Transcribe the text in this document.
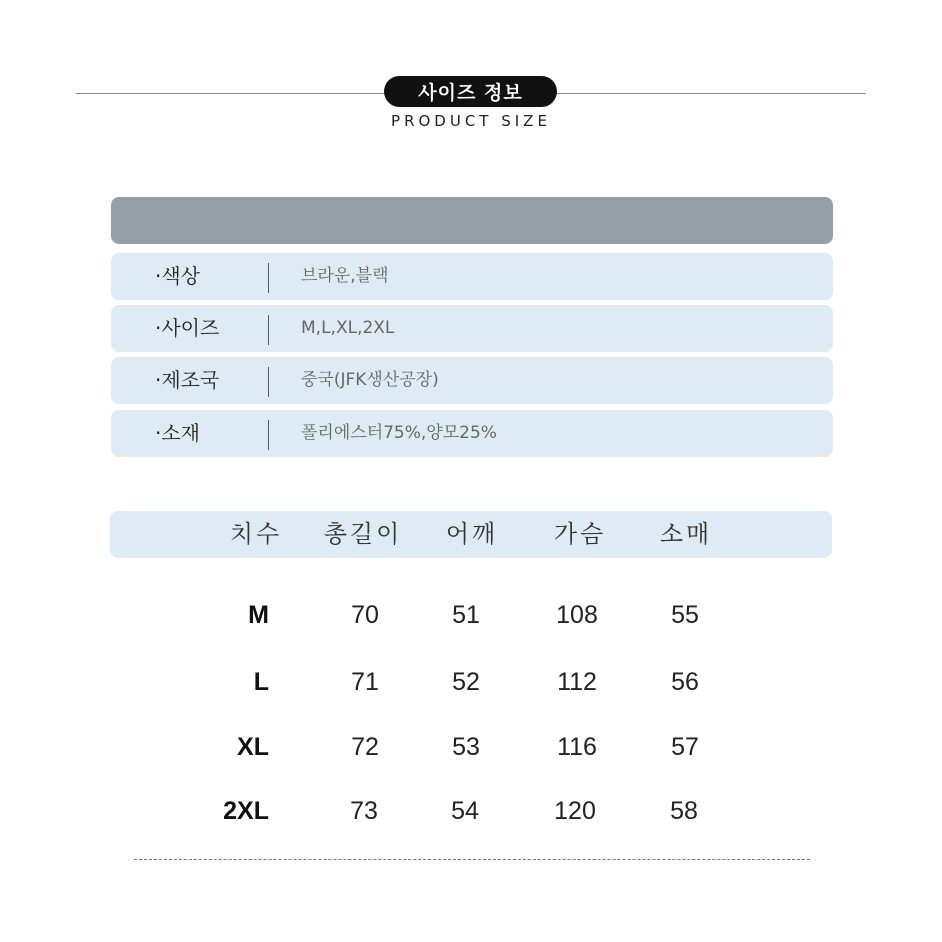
사이즈 정보
PRODUCT SIZE
·색상	브라운,블랙
·사이즈	M,L,XL,2XL
·제조국	중국(JFK생산공장)
·소재	폴리에스터75%,양모25%
치수 총길이 어깨 가슴 소매
M	70	51	108	55
L	71	52	112	56
XL	72	53	116	57
2XL	73	54	120	58
